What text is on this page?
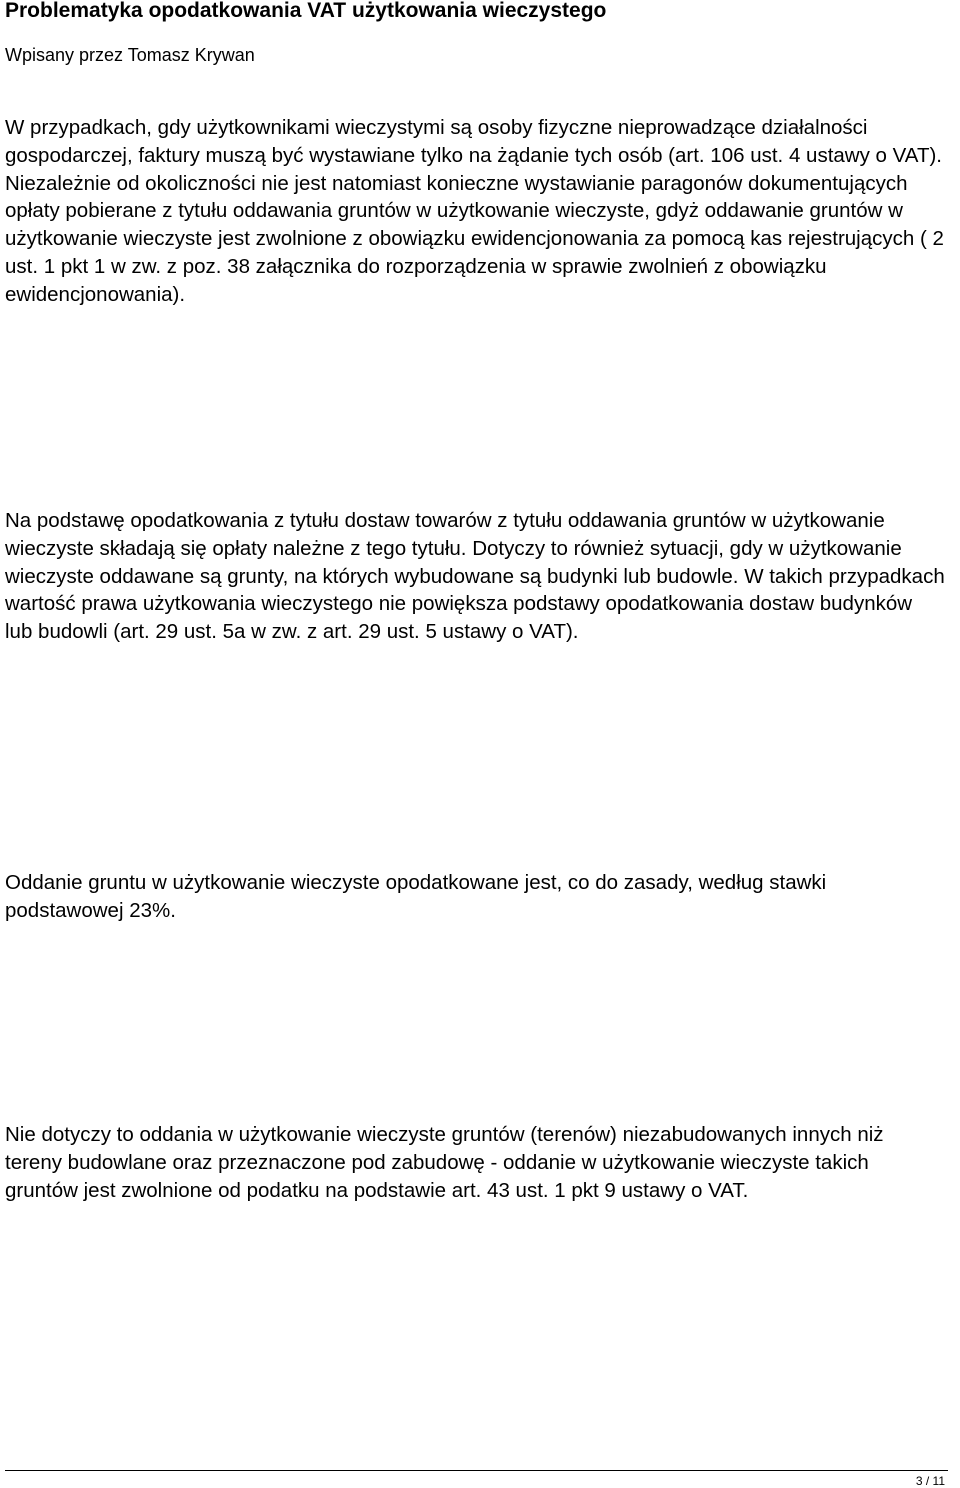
Problematyka opodatkowania VAT użytkowania wieczystego
Wpisany przez Tomasz Krywan

W przypadkach, gdy użytkownikami wieczystymi są osoby fizyczne nieprowadzące działalności gospodarczej, faktury muszą być wystawiane tylko na żądanie tych osób (art. 106 ust. 4 ustawy o VAT). Niezależnie od okoliczności nie jest natomiast konieczne wystawianie paragonów dokumentujących opłaty pobierane z tytułu oddawania gruntów w użytkowanie wieczyste, gdyż oddawanie gruntów w użytkowanie wieczyste jest zwolnione z obowiązku ewidencjonowania za pomocą kas rejestrujących ( 2 ust. 1 pkt 1 w zw. z poz. 38 załącznika do rozporządzenia w sprawie zwolnień z obowiązku ewidencjonowania).

Na podstawę opodatkowania z tytułu dostaw towarów z tytułu oddawania gruntów w użytkowanie wieczyste składają się opłaty należne z tego tytułu. Dotyczy to również sytuacji, gdy w użytkowanie wieczyste oddawane są grunty, na których wybudowane są budynki lub budowle. W takich przypadkach wartość prawa użytkowania wieczystego nie powiększa podstawy opodatkowania dostaw budynków lub budowli (art. 29 ust. 5a w zw. z art. 29 ust. 5 ustawy o VAT).

Oddanie gruntu w użytkowanie wieczyste opodatkowane jest, co do zasady, według stawki podstawowej 23%.

Nie dotyczy to oddania w użytkowanie wieczyste gruntów (terenów) niezabudowanych innych niż tereny budowlane oraz przeznaczone pod zabudowę - oddanie w użytkowanie wieczyste takich gruntów jest zwolnione od podatku na podstawie art. 43 ust. 1 pkt 9 ustawy o VAT.

3 / 11
